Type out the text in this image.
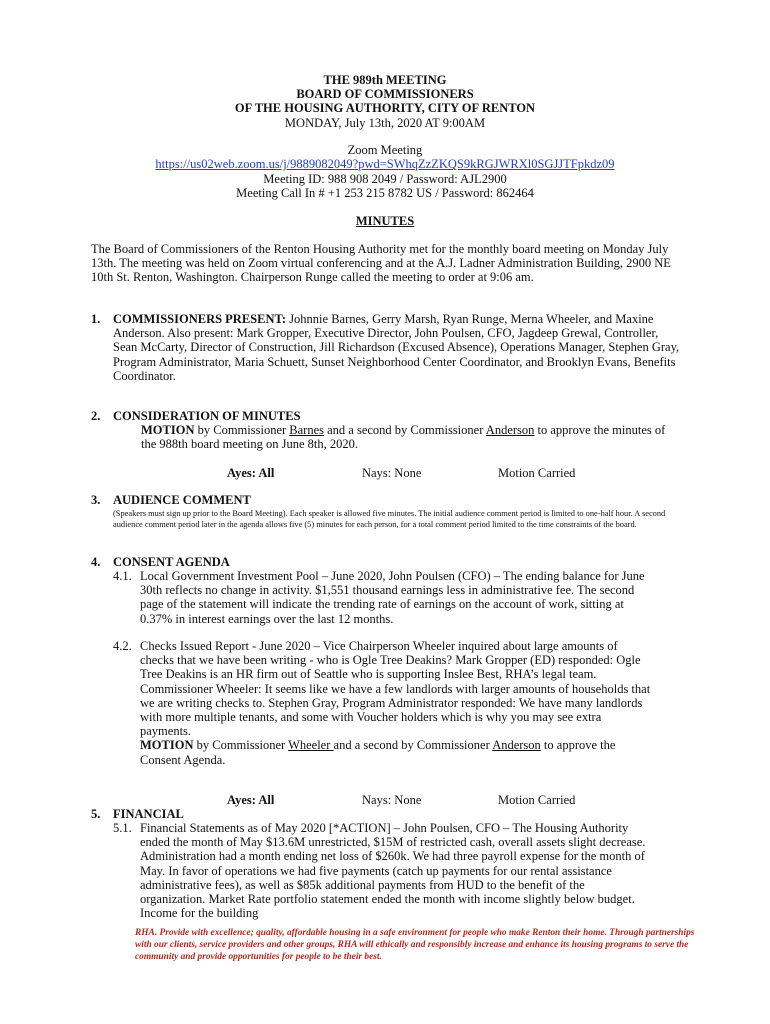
THE 989th MEETING
BOARD OF COMMISSIONERS
OF THE HOUSING AUTHORITY, CITY OF RENTON
MONDAY, July 13th, 2020 AT 9:00AM
Zoom Meeting
https://us02web.zoom.us/j/9889082049?pwd=SWhqZzZKQS9kRGJWRXl0SGJJTFpkdz09
Meeting ID: 988 908 2049 / Password: AJL2900
Meeting Call In # +1 253 215 8782 US / Password: 862464
MINUTES
The Board of Commissioners of the Renton Housing Authority met for the monthly board meeting on Monday July 13th. The meeting was held on Zoom virtual conferencing and at the A.J. Ladner Administration Building, 2900 NE 10th St. Renton, Washington. Chairperson Runge called the meeting to order at 9:06 am.
1. COMMISSIONERS PRESENT: Johnnie Barnes, Gerry Marsh, Ryan Runge, Merna Wheeler, and Maxine Anderson. Also present: Mark Gropper, Executive Director, John Poulsen, CFO, Jagdeep Grewal, Controller, Sean McCarty, Director of Construction, Jill Richardson (Excused Absence), Operations Manager, Stephen Gray, Program Administrator, Maria Schuett, Sunset Neighborhood Center Coordinator, and Brooklyn Evans, Benefits Coordinator.
2. CONSIDERATION OF MINUTES
MOTION by Commissioner Barnes and a second by Commissioner Anderson to approve the minutes of the 988th board meeting on June 8th, 2020.
Ayes: All	Nays: None	Motion Carried
3. AUDIENCE COMMENT
(Speakers must sign up prior to the Board Meeting). Each speaker is allowed five minutes. The initial audience comment period is limited to one-half hour. A second audience comment period later in the agenda allows five (5) minutes for each person, for a total comment period limited to the time constraints of the board.
4. CONSENT AGENDA
4.1. Local Government Investment Pool – June 2020, John Poulsen (CFO) – The ending balance for June 30th reflects no change in activity. $1,551 thousand earnings less in administrative fee. The second page of the statement will indicate the trending rate of earnings on the account of work, sitting at 0.37% in interest earnings over the last 12 months.
4.2. Checks Issued Report - June 2020 – Vice Chairperson Wheeler inquired about large amounts of checks that we have been writing - who is Ogle Tree Deakins? Mark Gropper (ED) responded: Ogle Tree Deakins is an HR firm out of Seattle who is supporting Inslee Best, RHA’s legal team. Commissioner Wheeler: It seems like we have a few landlords with larger amounts of households that we are writing checks to. Stephen Gray, Program Administrator responded: We have many landlords with more multiple tenants, and some with Voucher holders which is why you may see extra payments.
MOTION by Commissioner Wheeler and a second by Commissioner Anderson to approve the Consent Agenda.
Ayes: All	Nays: None	Motion Carried
5. FINANCIAL
5.1. Financial Statements as of May 2020 [*ACTION] – John Poulsen, CFO – The Housing Authority ended the month of May $13.6M unrestricted, $15M of restricted cash, overall assets slight decrease. Administration had a month ending net loss of $260k. We had three payroll expense for the month of May. In favor of operations we had five payments (catch up payments for our rental assistance administrative fees), as well as $85k additional payments from HUD to the benefit of the organization. Market Rate portfolio statement ended the month with income slightly below budget. Income for the building
RHA. Provide with excellence; quality, affordable housing in a safe environment for people who make Renton their home. Through partnerships with our clients, service providers and other groups, RHA will ethically and responsibly increase and enhance its housing programs to serve the community and provide opportunities for people to be their best.
